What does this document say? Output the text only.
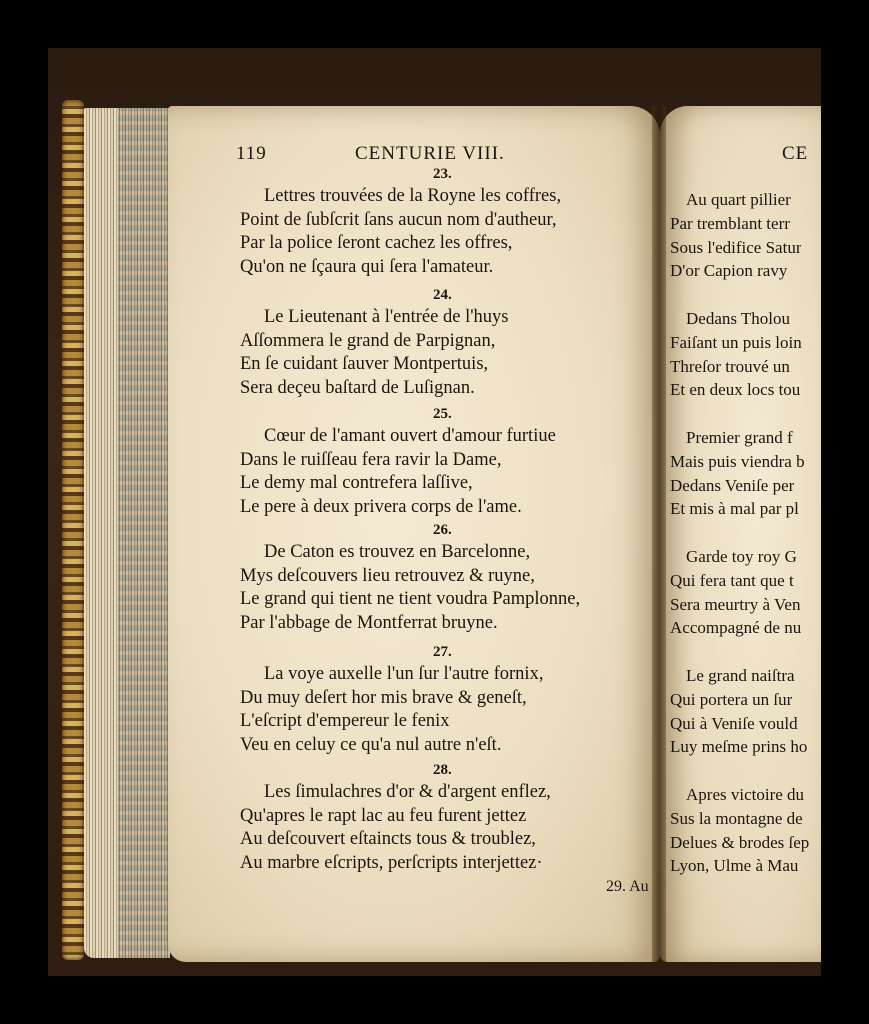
119	CENTURIE VIII.
23.
Lettres trouvées de la Royne les coffres,
Point de ſubſcrit ſans aucun nom d'autheur,
Par la police ſeront cachez les offres,
Qu'on ne ſçaura qui ſera l'amateur.
24.
Le Lieutenant à l'entrée de l'huys
Aſſommera le grand de Parpignan,
En ſe cuidant ſauver Montpertuis,
Sera deçeu baſtard de Luſignan.
25.
Cœur de l'amant ouvert d'amour furtiue
Dans le ruiſſeau fera ravir la Dame,
Le demy mal contrefera laſſive,
Le pere à deux privera corps de l'ame.
26.
De Caton es trouvez en Barcelonne,
Mys deſcouvers lieu retrouvez & ruyne,
Le grand qui tient ne tient voudra Pamplonne,
Par l'abbage de Montferrat bruyne.
27.
La voye auxelle l'un ſur l'autre fornix,
Du muy deſert hor mis brave & geneſt,
L'eſcript d'empereur le fenix
Veu en celuy ce qu'a nul autre n'eſt.
28.
Les ſimulachres d'or & d'argent enflez,
Qu'apres le rapt lac au feu furent jettez
Au deſcouvert eſtaincts tous & troublez,
Au marbre eſcripts, perſcripts interjettez·
29. Au
CE
Au quart pillier
Par tremblant terr
Sous l'edifice Satur
D'or Capion ravy
Dedans Tholou
Faiſant un puis loin
Threſor trouvé un
Et en deux locs tou
Premier grand f
Mais puis viendra b
Dedans Veniſe per
Et mis à mal par pl
Garde toy roy G
Qui fera tant que t
Sera meurtry à Ven
Accompagné de nu
Le grand naiſtra
Qui portera un ſur
Qui à Veniſe vould
Luy meſme prins ho
Apres victoire du
Sus la montagne de
Delues & brodes ſep
Lyon, Ulme à Mau
